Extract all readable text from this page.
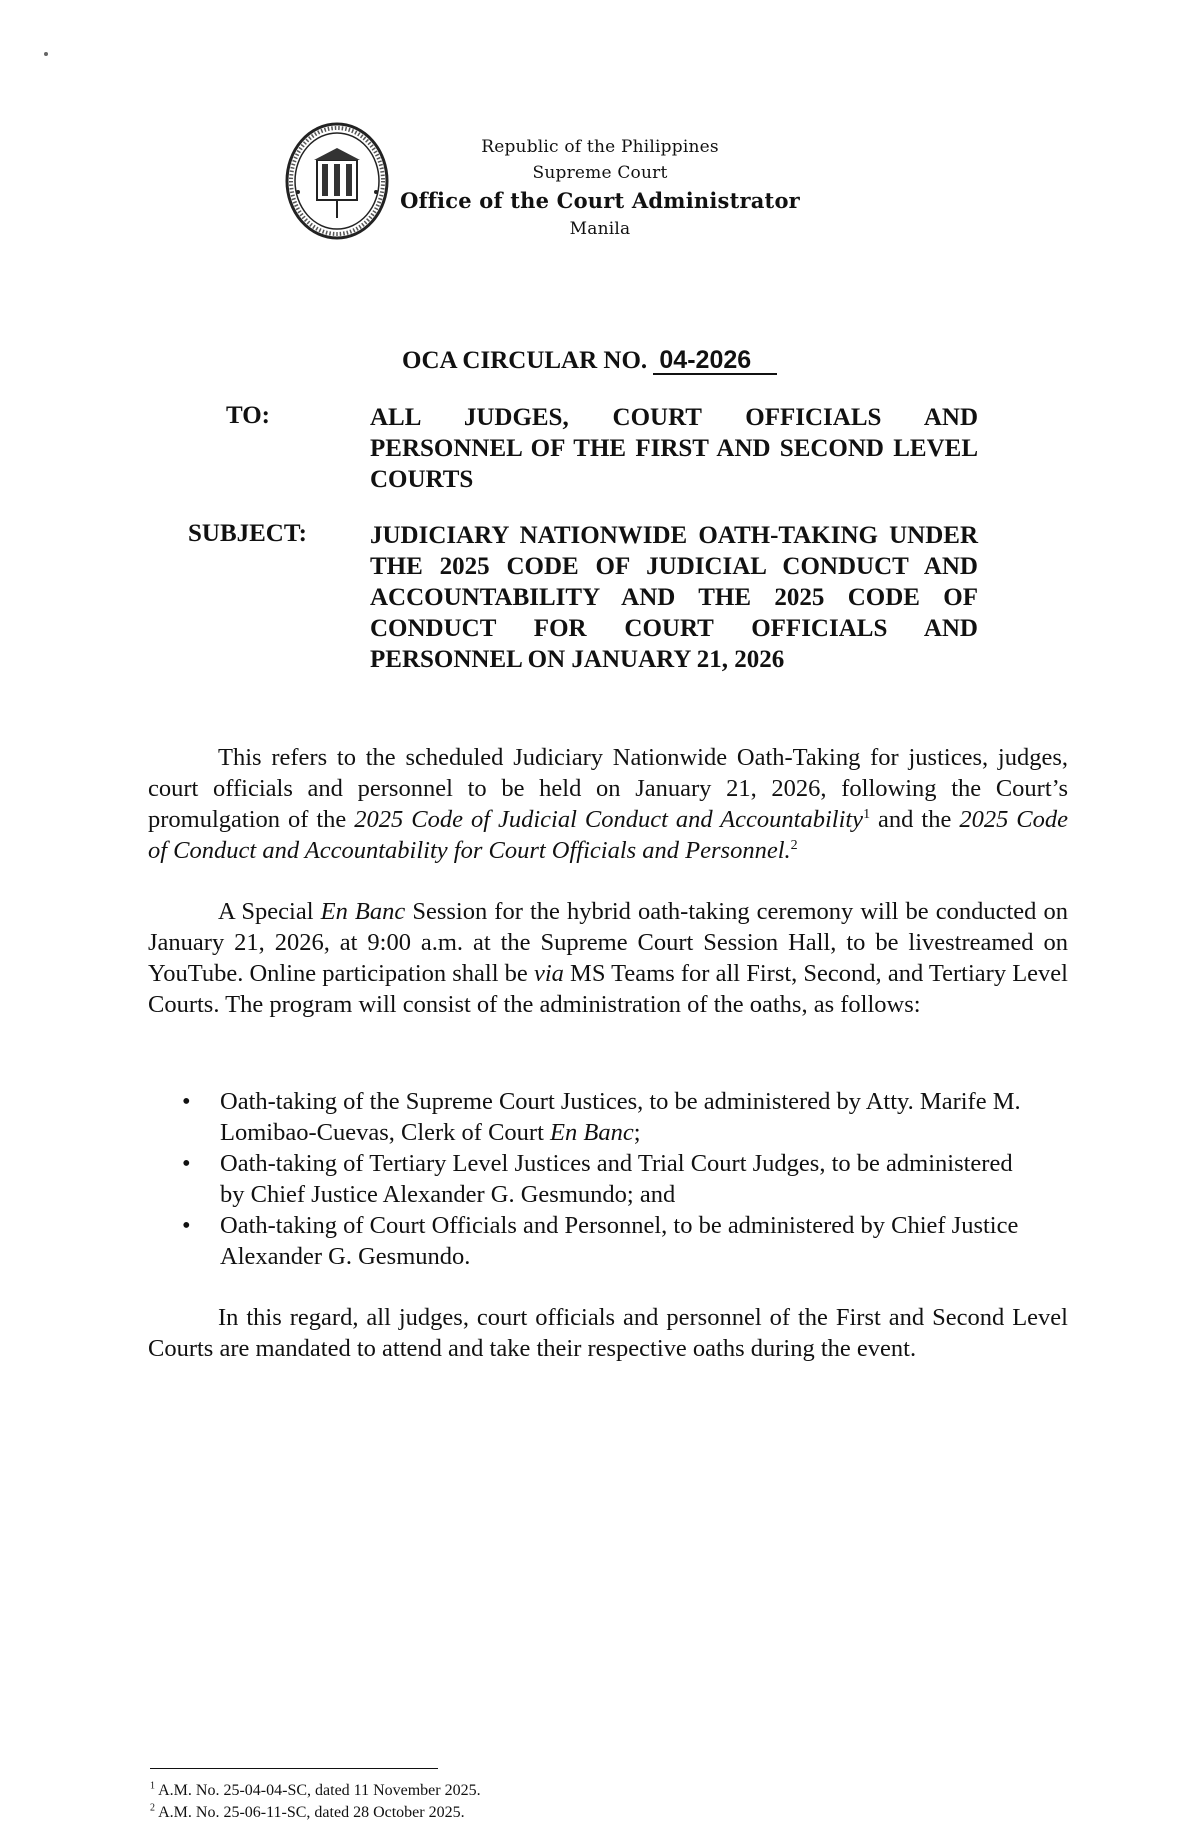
Republic of the Philippines
Supreme Court
Office of the Court Administrator
Manila
OCA CIRCULAR NO. 04-2026
TO:	ALL JUDGES, COURT OFFICIALS AND PERSONNEL OF THE FIRST AND SECOND LEVEL COURTS
SUBJECT:	JUDICIARY NATIONWIDE OATH-TAKING UNDER THE 2025 CODE OF JUDICIAL CONDUCT AND ACCOUNTABILITY AND THE 2025 CODE OF CONDUCT FOR COURT OFFICIALS AND PERSONNEL ON JANUARY 21, 2026
This refers to the scheduled Judiciary Nationwide Oath-Taking for justices, judges, court officials and personnel to be held on January 21, 2026, following the Court’s promulgation of the 2025 Code of Judicial Conduct and Accountability$^1$ and the 2025 Code of Conduct and Accountability for Court Officials and Personnel.$^2$
A Special En Banc Session for the hybrid oath-taking ceremony will be conducted on January 21, 2026, at 9:00 a.m. at the Supreme Court Session Hall, to be livestreamed on YouTube. Online participation shall be via MS Teams for all First, Second, and Tertiary Level Courts. The program will consist of the administration of the oaths, as follows:
• Oath-taking of the Supreme Court Justices, to be administered by Atty. Marife M. Lomibao-Cuevas, Clerk of Court En Banc;
• Oath-taking of Tertiary Level Justices and Trial Court Judges, to be administered by Chief Justice Alexander G. Gesmundo; and
• Oath-taking of Court Officials and Personnel, to be administered by Chief Justice Alexander G. Gesmundo.
In this regard, all judges, court officials and personnel of the First and Second Level Courts are mandated to attend and take their respective oaths during the event.
$^1$ A.M. No. 25-04-04-SC, dated 11 November 2025.
$^2$ A.M. No. 25-06-11-SC, dated 28 October 2025.
